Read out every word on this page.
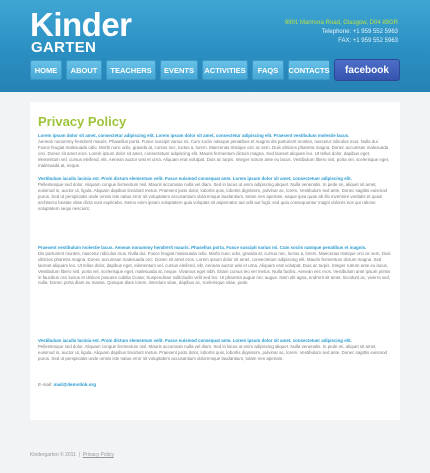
Kinder
GARTEN
8901 Marmora Road, Glasgow, D04 89GR
Telephone: +1 959 552 5963
FAX: +1 959 552 5963
HOME	ABOUT	TEACHERS	EVENTS	ACTIVITIES	FAQS	CONTACTS	facebook
Privacy Policy
Lorem ipsum dolor sit amet, consectetur adipiscing elit. Lorem ipsum dolor sit amet, consectetur adipiscing elit. Praesent vestibulum molestie lacus.
Aenean nonummy hendrerit mauris. Phasellus porta. Fusce suscipit varius mi. Cum sociis natoque penatibus et magnis dis parturient montes, nascetur ridiculus mus. Nulla dui. Fusce feugiat malesuada odio. Morbi nunc odio, gravida at, cursus nec, luctus a, lorem. Maecenas tristique orci ac sem. Duis ultricies pharetra magna. Donec accumsan malesuada orci. Donec sit amet eros. Lorem ipsum dolor sit amet, consectetuer adipiscing elit. Mauris fermentum dictum magna. Sed laoreet aliquam leo. Ut tellus dolor, dapibus eget, elementum vel, cursus eleifend, elit. Aenean auctor wisi et urna. Aliquam erat volutpat. Duis ac turpis. Integer rutrum ante eu lacus. Vestibulum libero nisl, porta vel, scelerisque eget, malesuada at, neque.
Vestibulum iaculis lacinia est. Proin dictum elementum velit. Fusce euismod consequat ante. Lorem ipsum dolor sit amet, consectetuer adipiscing elit.
Pellentesque sed dolor. Aliquam congue fermentum nisl. Mauris accumsan nulla vel diam. Sed in lacus ut enim adipiscing aliquet. Nulla venenatis. In pede mi, aliquet sit amet, euismod in, auctor ut, ligula. Aliquam dapibus tincidunt metus. Praesent justo dolor, lobortis quis, lobortis dignissim, pulvinar ac, lorem. Vestibulum sed ante. Donec sagittis euismod purus. Sed ut perspiciatis unde omnis iste natus error sit voluptatem accusantium doloremque laudantium, totam rem aperiam, eaque ipsa quae ab illo inventore veritatis et quasi architecto beatae vitae dicta sunt explicabo. Nemo enim ipsam voluptatem quia voluptas sit aspernatur aut odit aut fugit, sed quia consequuntur magni dolores eos qui ratione voluptatem sequi nesciunt.
Praesent vestibulum molestie lacus. Aenean nonummy hendrerit mauris. Phasellus porta. Fusce suscipit varius mi. Cum sociis natoque penatibus et magnis.
Dis parturient montes, nascetur ridiculus mus. Nulla dui. Fusce feugiat malesuada odio. Morbi nunc odio, gravida at, cursus nec, luctus a, lorem. Maecenas tristique orci ac sem. Duis ultricies pharetra magna. Donec accumsan malesuada orci. Donec sit amet eros. Lorem ipsum dolor sit amet, consectetuer adipiscing elit. Mauris fermentum dictum magna. Sed laoreet aliquam leo. Ut tellus dolor, dapibus eget, elementum vel, cursus eleifend, elit. Aenean auctor wisi et urna. Aliquam erat volutpat. Duis ac turpis. Integer rutrum ante eu lacus. Vestibulum libero nisl, porta vel, scelerisque eget, malesuada at, neque. Vivamus eget nibh. Etiam cursus leo vel metus. Nulla facilisi. Aenean nec eros. Vestibulum ante ipsum primis in faucibus orci luctus et ultrices posuere cubilia Curae; Suspendisse sollicitudin velit sed leo. Ut pharetra augue nec augue. Nam elit agna, endrerit sit amet, tincidunt ac, viverra sed, nulla. Donec porta diam eu massa. Quisque diam lorem, interdum vitae, dapibus ac, scelerisque vitae, pede.
Vestibulum iaculis lacinia est. Proin dictum elementum velit. Fusce euismod consequat ante. Lorem ipsum dolor sit amet, consectetuer adipiscing elit.
Pellentesque sed dolor. Aliquam congue fermentum nisl. Mauris accumsan nulla vel diam. Sed in lacus ut enim adipiscing aliquet. Nulla venenatis. In pede mi, aliquet sit amet, euismod in, auctor ut, ligula. Aliquam dapibus tincidunt metus. Praesent justo dolor, lobortis quis, lobortis dignissim, pulvinar ac, lorem. Vestibulum sed ante. Donec sagittis euismod purus. Sed ut perspiciatis unde omnis iste natus error sit voluptatem accusantium doloremque laudantium, totam rem aperiam.
E-mail: mail@demolink.org
Kindergarten © 2011  |  Privacy Policy
